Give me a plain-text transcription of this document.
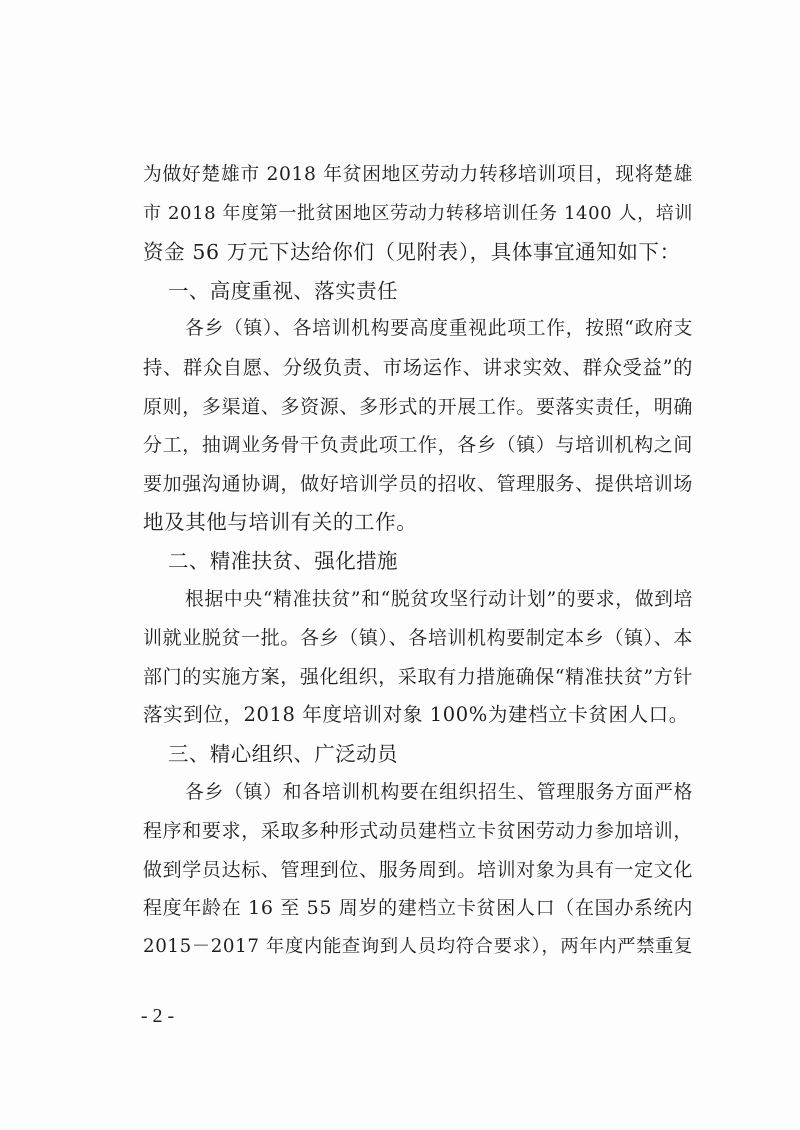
为做好楚雄市 2018 年贫困地区劳动力转移培训项目，现将楚雄
市 2018 年度第一批贫困地区劳动力转移培训任务 1400 人，培训
资金 56 万元下达给你们（见附表），具体事宜通知如下：
一、高度重视、落实责任
各乡（镇）、各培训机构要高度重视此项工作，按照“政府支
持、群众自愿、分级负责、市场运作、讲求实效、群众受益”的
原则，多渠道、多资源、多形式的开展工作。要落实责任，明确
分工，抽调业务骨干负责此项工作，各乡（镇）与培训机构之间
要加强沟通协调，做好培训学员的招收、管理服务、提供培训场
地及其他与培训有关的工作。
二、精准扶贫、强化措施
根据中央“精准扶贫”和“脱贫攻坚行动计划”的要求，做到培
训就业脱贫一批。各乡（镇）、各培训机构要制定本乡（镇）、本
部门的实施方案，强化组织，采取有力措施确保“精准扶贫”方针
落实到位，2018 年度培训对象 100%为建档立卡贫困人口。
三、精心组织、广泛动员
各乡（镇）和各培训机构要在组织招生、管理服务方面严格
程序和要求，采取多种形式动员建档立卡贫困劳动力参加培训，
做到学员达标、管理到位、服务周到。培训对象为具有一定文化
程度年龄在 16 至 55 周岁的建档立卡贫困人口（在国办系统内
2015－2017 年度内能查询到人员均符合要求），两年内严禁重复
- 2 -
